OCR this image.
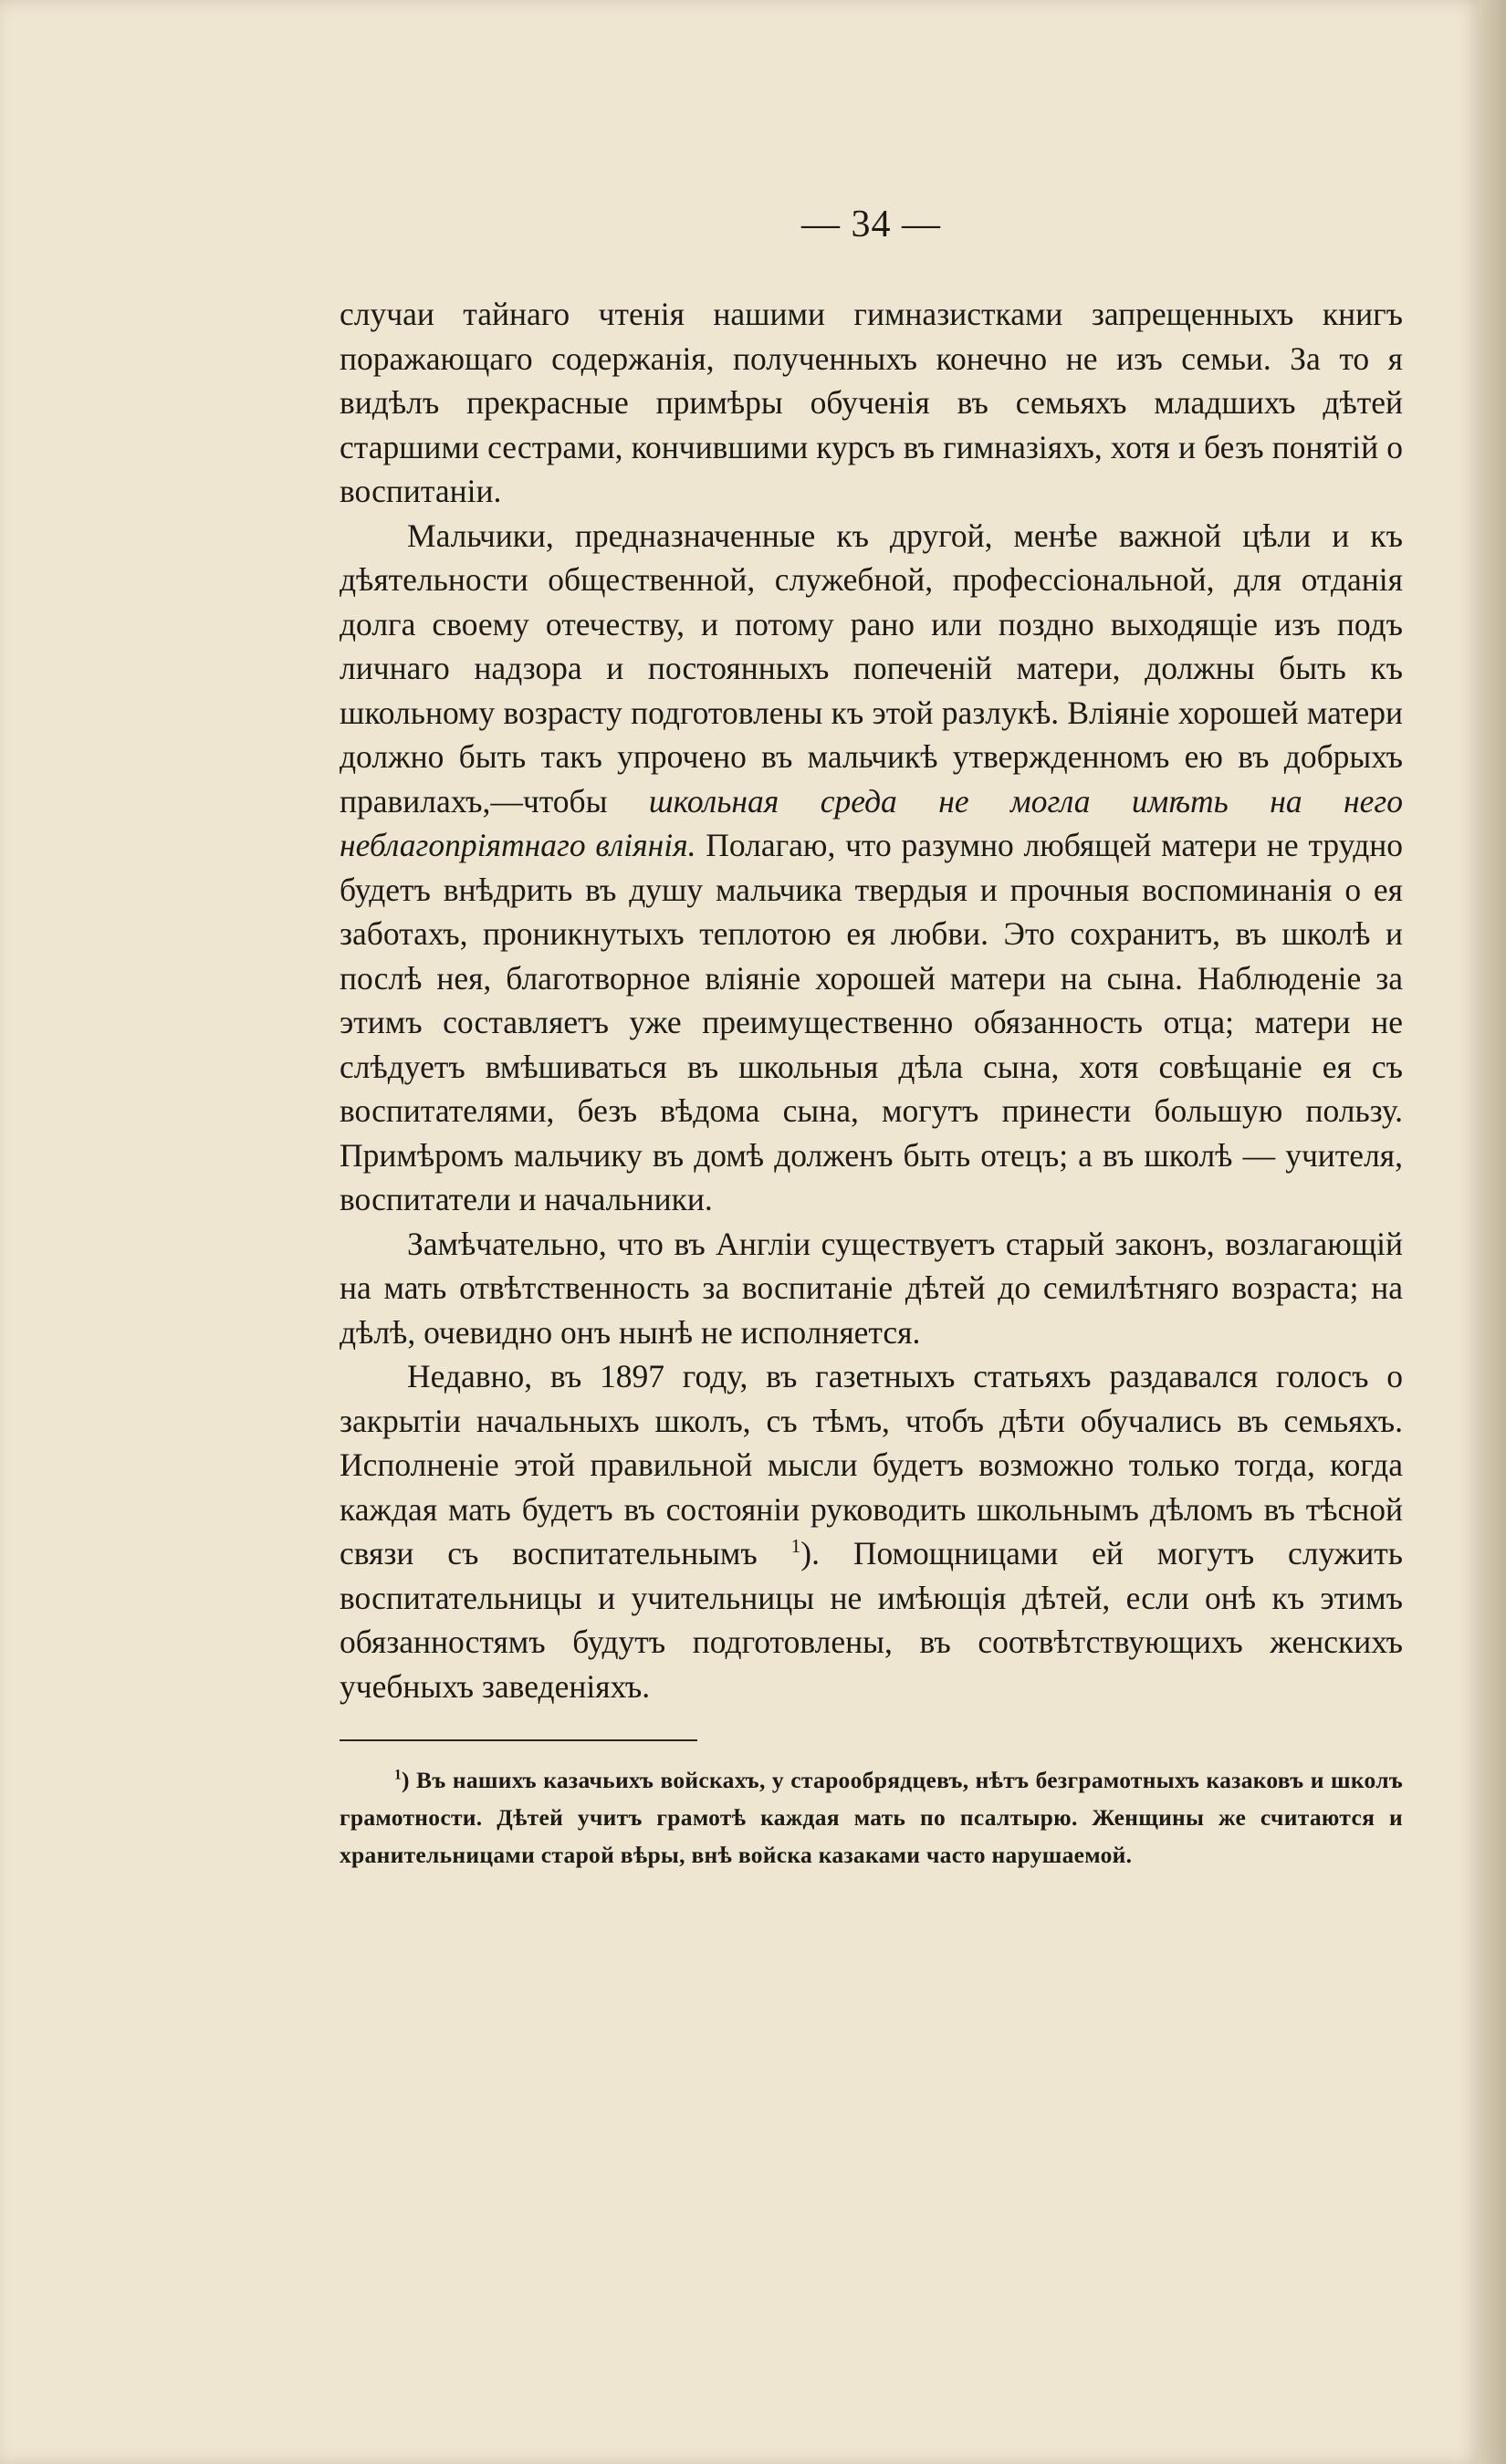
— 34 —

случаи тайнаго чтенія нашими гимназистками запрещенныхъ книгъ поражающаго содержанія, полученныхъ конечно не изъ семьи. За то я видѣлъ прекрасные примѣры обученія въ семьяхъ младшихъ дѣтей старшими сестрами, кончившими курсъ въ гимназіяхъ, хотя и безъ понятій о воспитаніи.

Мальчики, предназначенные къ другой, менѣе важной цѣли и къ дѣятельности общественной, служебной, профессіональной, для отданія долга своему отечеству, и потому рано или поздно выходящіе изъ подъ личнаго надзора и постоянныхъ попеченій матери, должны быть къ школьному возрасту подготовлены къ этой разлукѣ. Вліяніе хорошей матери должно быть такъ упрочено въ мальчикѣ утвержденномъ ею въ добрыхъ правилахъ,—чтобы школьная среда не могла имѣть на него неблагопріятнаго вліянія. Полагаю, что разумно любящей матери не трудно будетъ внѣдрить въ душу мальчика твердыя и прочныя воспоминанія о ея заботахъ, проникнутыхъ теплотою ея любви. Это сохранитъ, въ школѣ и послѣ нея, благотворное вліяніе хорошей матери на сына. Наблюденіе за этимъ составляетъ уже преимущественно обязанность отца; матери не слѣдуетъ вмѣшиваться въ школьныя дѣла сына, хотя совѣщаніе ея съ воспитателями, безъ вѣдома сына, могутъ принести большую пользу. Примѣромъ мальчику въ домѣ долженъ быть отецъ; а въ школѣ — учителя, воспитатели и начальники.

Замѣчательно, что въ Англіи существуетъ старый законъ, возлагающій на мать отвѣтственность за воспитаніе дѣтей до семилѣтняго возраста; на дѣлѣ, очевидно онъ нынѣ не исполняется.

Недавно, въ 1897 году, въ газетныхъ статьяхъ раздавался голосъ о закрытіи начальныхъ школъ, съ тѣмъ, чтобъ дѣти обучались въ семьяхъ. Исполненіе этой правильной мысли будетъ возможно только тогда, когда каждая мать будетъ въ состояніи руководить школьнымъ дѣломъ въ тѣсной связи съ воспитательнымъ $^1$). Помощницами ей могутъ служить воспитательницы и учительницы не имѣющія дѣтей, если онѣ къ этимъ обязанностямъ будутъ подготовлены, въ соотвѣтствующихъ женскихъ учебныхъ заведеніяхъ.

$^1$) Въ нашихъ казачьихъ войскахъ, у старообрядцевъ, нѣтъ безграмотныхъ казаковъ и школъ грамотности. Дѣтей учитъ грамотѣ каждая мать по псалтырю. Женщины же считаются и хранительницами старой вѣры, внѣ войска казаками часто нарушаемой.
